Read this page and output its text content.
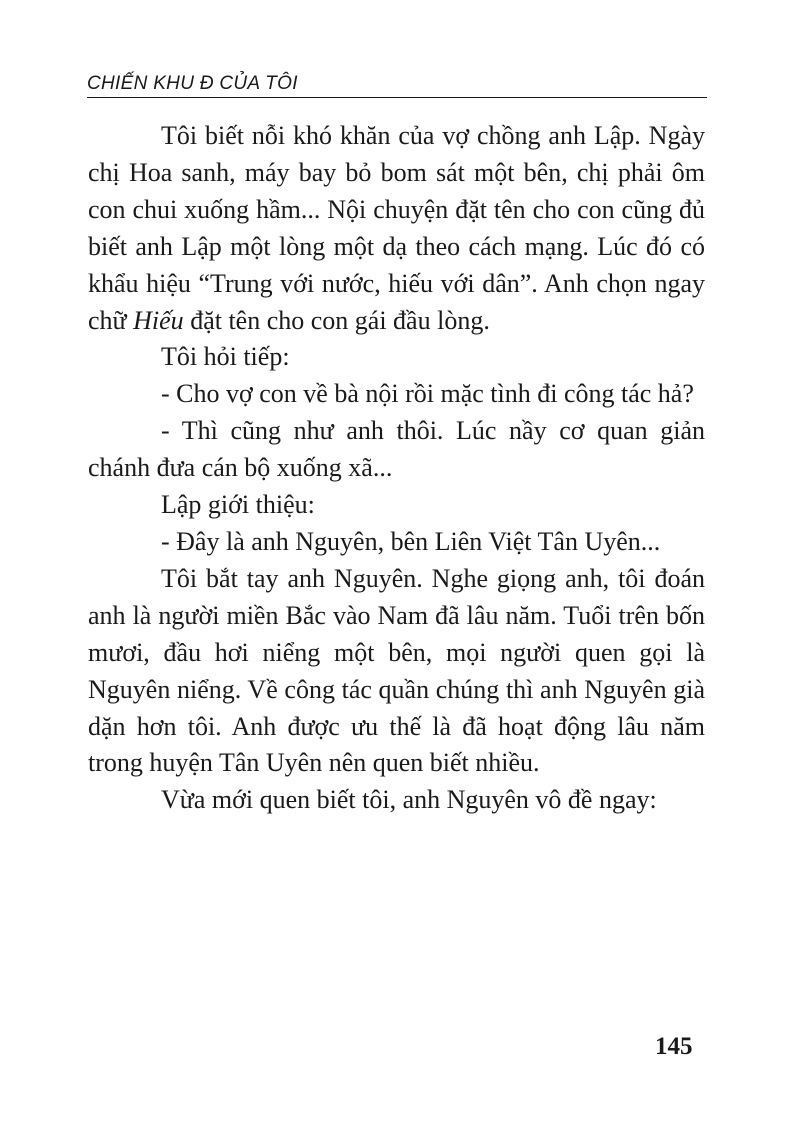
CHIẾN KHU Đ CỦA TÔI

Tôi biết nỗi khó khăn của vợ chồng anh Lập. Ngày chị Hoa sanh, máy bay bỏ bom sát một bên, chị phải ôm con chui xuống hầm... Nội chuyện đặt tên cho con cũng đủ biết anh Lập một lòng một dạ theo cách mạng. Lúc đó có khẩu hiệu “Trung với nước, hiếu với dân”. Anh chọn ngay chữ Hiếu đặt tên cho con gái đầu lòng.

Tôi hỏi tiếp:

- Cho vợ con về bà nội rồi mặc tình đi công tác hả?

- Thì cũng như anh thôi. Lúc nầy cơ quan giản chánh đưa cán bộ xuống xã...

Lập giới thiệu:

- Đây là anh Nguyên, bên Liên Việt Tân Uyên...

Tôi bắt tay anh Nguyên. Nghe giọng anh, tôi đoán anh là người miền Bắc vào Nam đã lâu năm. Tuổi trên bốn mươi, đầu hơi niểng một bên, mọi người quen gọi là Nguyên niểng. Về công tác quần chúng thì anh Nguyên già dặn hơn tôi. Anh được ưu thế là đã hoạt động lâu năm trong huyện Tân Uyên nên quen biết nhiều.

Vừa mới quen biết tôi, anh Nguyên vô đề ngay:

145
